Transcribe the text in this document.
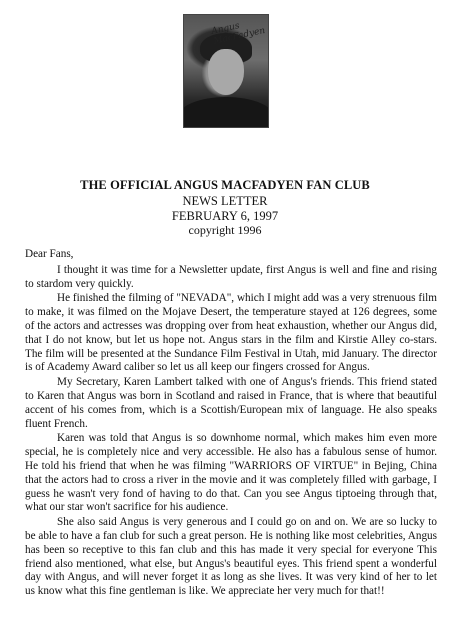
Angus MacFadyen
THE OFFICIAL ANGUS MACFADYEN FAN CLUB
NEWS LETTER
FEBRUARY 6, 1997
copyright 1996

Dear Fans,

I thought it was time for a Newsletter update, first Angus is well and fine and rising to stardom very quickly.

He finished the filming of "NEVADA", which I might add was a very strenuous film to make, it was filmed on the Mojave Desert, the temperature stayed at 126 degrees, some of the actors and actresses was dropping over from heat exhaustion, whether our Angus did, that I do not know, but let us hope not. Angus stars in the film and Kirstie Alley co-stars. The film will be presented at the Sundance Film Festival in Utah, mid January. The director is of Academy Award caliber so let us all keep our fingers crossed for Angus.

My Secretary, Karen Lambert talked with one of Angus's friends. This friend stated to Karen that Angus was born in Scotland and raised in France, that is where that beautiful accent of his comes from, which is a Scottish/European mix of language. He also speaks fluent French.

Karen was told that Angus is so downhome normal, which makes him even more special, he is completely nice and very accessible. He also has a fabulous sense of humor. He told his friend that when he was filming "WARRIORS OF VIRTUE" in Bejing, China that the actors had to cross a river in the movie and it was completely filled with garbage, I guess he wasn't very fond of having to do that. Can you see Angus tiptoeing through that, what our star won't sacrifice for his audience.

She also said Angus is very generous and I could go on and on. We are so lucky to be able to have a fan club for such a great person. He is nothing like most celebrities, Angus has been so receptive to this fan club and this has made it very special for everyone This friend also mentioned, what else, but Angus's beautiful eyes. This friend spent a wonderful day with Angus, and will never forget it as long as she lives. It was very kind of her to let us know what this fine gentleman is like. We appreciate her very much for that!!
